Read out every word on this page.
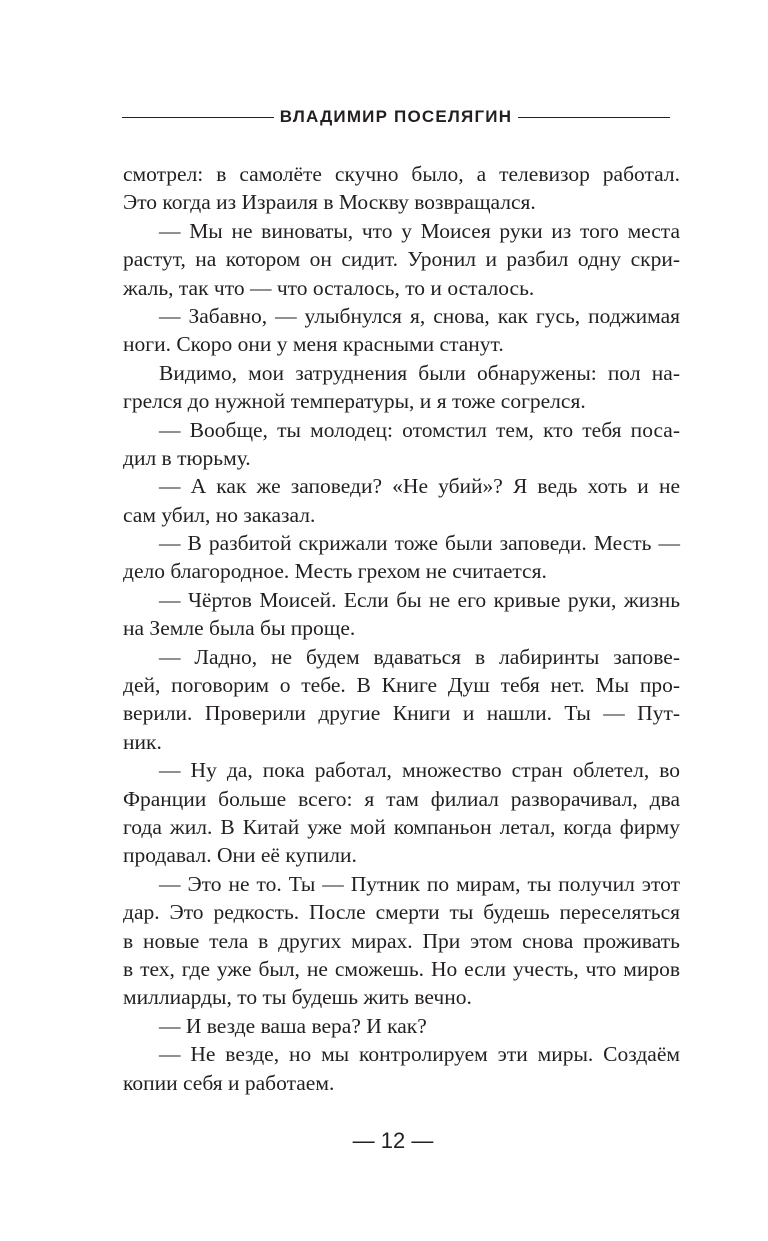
ВЛАДИМИР ПОСЕЛЯГИН
смотрел: в самолёте скучно было, а телевизор работал.
Это когда из Израиля в Москву возвращался.
— Мы не виноваты, что у Моисея руки из того места
растут, на котором он сидит. Уронил и разбил одну скри-
жаль, так что — что осталось, то и осталось.
— Забавно, — улыбнулся я, снова, как гусь, поджимая
ноги. Скоро они у меня красными станут.
Видимо, мои затруднения были обнаружены: пол на-
грелся до нужной температуры, и я тоже согрелся.
— Вообще, ты молодец: отомстил тем, кто тебя поса-
дил в тюрьму.
— А как же заповеди? «Не убий»? Я ведь хоть и не
сам убил, но заказал.
— В разбитой скрижали тоже были заповеди. Месть —
дело благородное. Месть грехом не считается.
— Чёртов Моисей. Если бы не его кривые руки, жизнь
на Земле была бы проще.
— Ладно, не будем вдаваться в лабиринты запове-
дей, поговорим о тебе. В Книге Душ тебя нет. Мы про-
верили. Проверили другие Книги и нашли. Ты — Пут-
ник.
— Ну да, пока работал, множество стран облетел, во
Франции больше всего: я там филиал разворачивал, два
года жил. В Китай уже мой компаньон летал, когда фирму
продавал. Они её купили.
— Это не то. Ты — Путник по мирам, ты получил этот
дар. Это редкость. После смерти ты будешь переселяться
в новые тела в других мирах. При этом снова проживать
в тех, где уже был, не сможешь. Но если учесть, что миров
миллиарды, то ты будешь жить вечно.
— И везде ваша вера? И как?
— Не везде, но мы контролируем эти миры. Создаём
копии себя и работаем.
— 12 —
